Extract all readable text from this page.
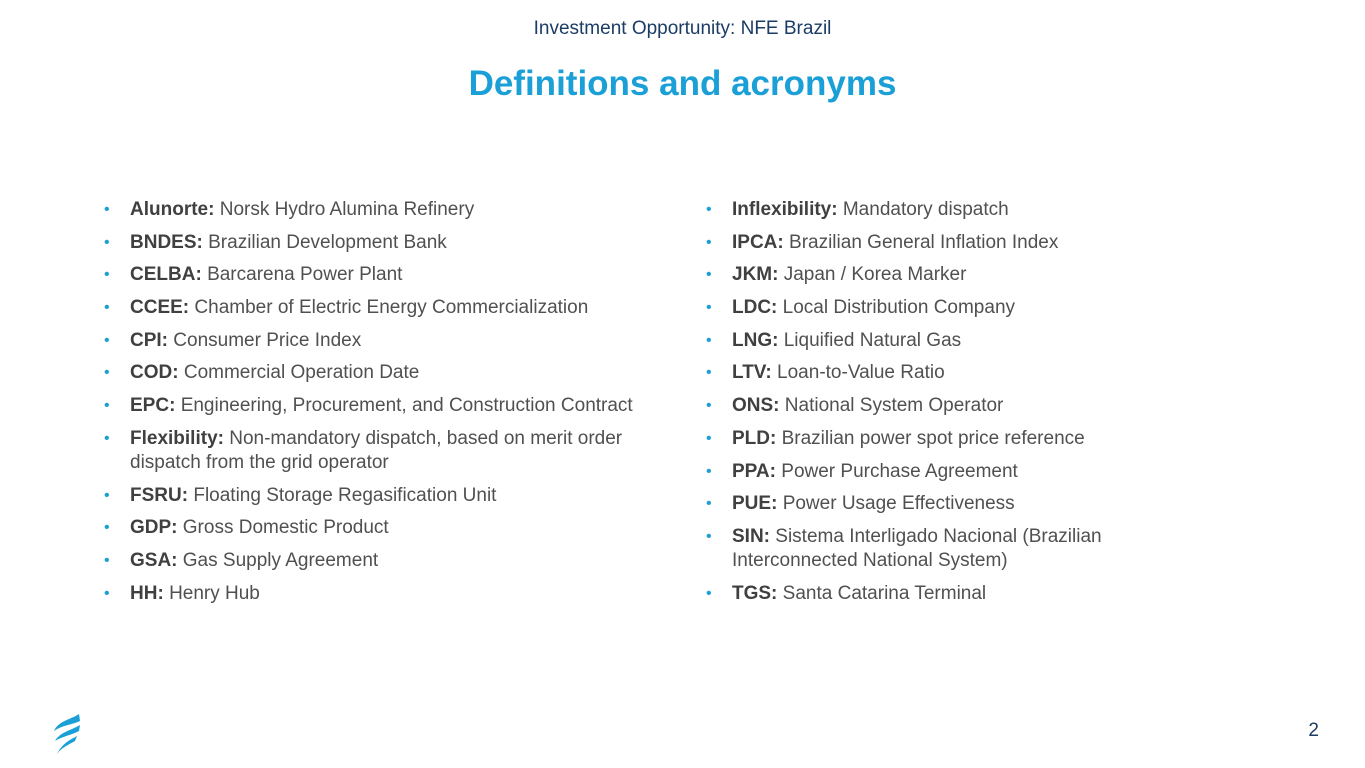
Investment Opportunity: NFE Brazil
Definitions and acronyms
• Alunorte: Norsk Hydro Alumina Refinery
• BNDES: Brazilian Development Bank
• CELBA: Barcarena Power Plant
• CCEE: Chamber of Electric Energy Commercialization
• CPI: Consumer Price Index
• COD: Commercial Operation Date
• EPC: Engineering, Procurement, and Construction Contract
• Flexibility: Non-mandatory dispatch, based on merit order dispatch from the grid operator
• FSRU: Floating Storage Regasification Unit
• GDP: Gross Domestic Product
• GSA: Gas Supply Agreement
• HH: Henry Hub
• Inflexibility: Mandatory dispatch
• IPCA: Brazilian General Inflation Index
• JKM: Japan / Korea Marker
• LDC: Local Distribution Company
• LNG: Liquified Natural Gas
• LTV: Loan-to-Value Ratio
• ONS: National System Operator
• PLD: Brazilian power spot price reference
• PPA: Power Purchase Agreement
• PUE: Power Usage Effectiveness
• SIN: Sistema Interligado Nacional (Brazilian Interconnected National System)
• TGS: Santa Catarina Terminal
2
